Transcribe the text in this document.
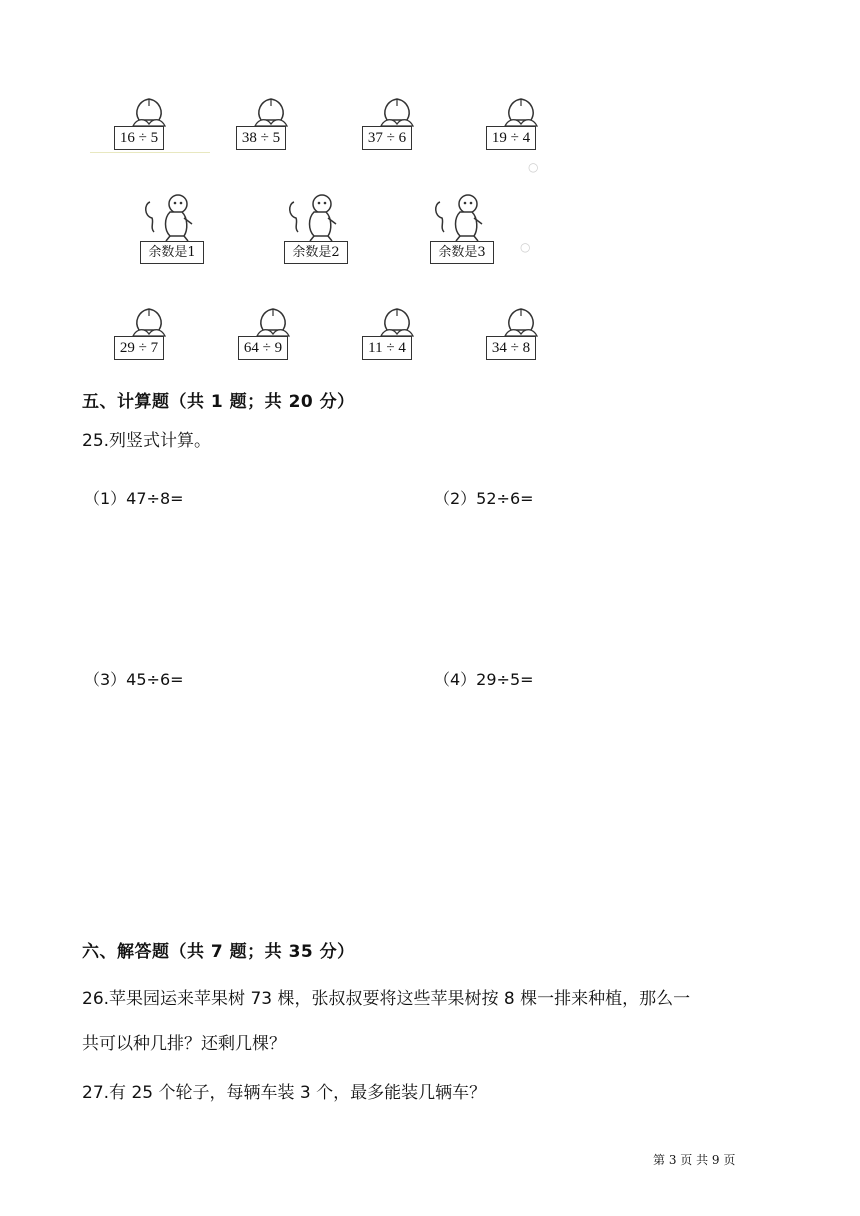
○
○
16 ÷ 5	38 ÷ 5	37 ÷ 6	19 ÷ 4
余数是1	余数是2	余数是3
29 ÷ 7	64 ÷ 9	11 ÷ 4	34 ÷ 8
五、计算题（共 1 题；共 20 分）
25.列竖式计算。
（1）47÷8=	（2）52÷6=
（3）45÷6=	（4）29÷5=
六、解答题（共 7 题；共 35 分）
26.苹果园运来苹果树 73 棵，张叔叔要将这些苹果树按 8 棵一排来种植，那么一
共可以种几排？还剩几棵？
27.有 25 个轮子，每辆车装 3 个，最多能装几辆车？
第 3 页 共 9 页
